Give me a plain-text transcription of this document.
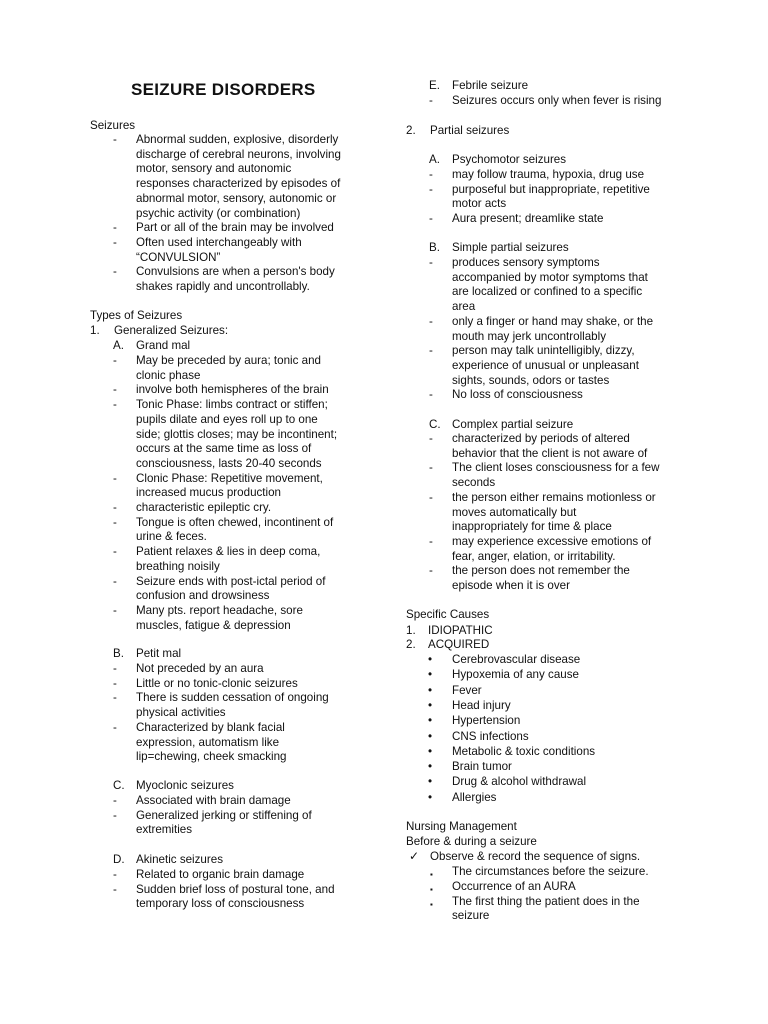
SEIZURE DISORDERS
Seizures
- Abnormal sudden, explosive, disorderly
discharge of cerebral neurons, involving
motor, sensory and autonomic
responses characterized by episodes of
abnormal motor, sensory, autonomic or
psychic activity (or combination)
- Part or all of the brain may be involved
- Often used interchangeably with
“CONVULSION”
- Convulsions are when a person's body
shakes rapidly and uncontrollably.
Types of Seizures
1. Generalized Seizures:
A. Grand mal
- May be preceded by aura; tonic and
clonic phase
- involve both hemispheres of the brain
- Tonic Phase: limbs contract or stiffen;
pupils dilate and eyes roll up to one
side; glottis closes; may be incontinent;
occurs at the same time as loss of
consciousness, lasts 20-40 seconds
- Clonic Phase: Repetitive movement,
increased mucus production
- characteristic epileptic cry.
- Tongue is often chewed, incontinent of
urine & feces.
- Patient relaxes & lies in deep coma,
breathing noisily
- Seizure ends with post-ictal period of
confusion and drowsiness
- Many pts. report headache, sore
muscles, fatigue & depression
B. Petit mal
- Not preceded by an aura
- Little or no tonic-clonic seizures
- There is sudden cessation of ongoing
physical activities
- Characterized by blank facial
expression, automatism like
lip=chewing, cheek smacking
C. Myoclonic seizures
- Associated with brain damage
- Generalized jerking or stiffening of
extremities
D. Akinetic seizures
- Related to organic brain damage
- Sudden brief loss of postural tone, and
temporary loss of consciousness
E. Febrile seizure
- Seizures occurs only when fever is rising
2. Partial seizures
A. Psychomotor seizures
- may follow trauma, hypoxia, drug use
- purposeful but inappropriate, repetitive
motor acts
- Aura present; dreamlike state
B. Simple partial seizures
- produces sensory symptoms
accompanied by motor symptoms that
are localized or confined to a specific
area
- only a finger or hand may shake, or the
mouth may jerk uncontrollably
- person may talk unintelligibly, dizzy,
experience of unusual or unpleasant
sights, sounds, odors or tastes
- No loss of consciousness
C. Complex partial seizure
- characterized by periods of altered
behavior that the client is not aware of
- The client loses consciousness for a few
seconds
- the person either remains motionless or
moves automatically but
inappropriately for time & place
- may experience excessive emotions of
fear, anger, elation, or irritability.
- the person does not remember the
episode when it is over
Specific Causes
1. IDIOPATHIC
2. ACQUIRED
• Cerebrovascular disease
• Hypoxemia of any cause
• Fever
• Head injury
• Hypertension
• CNS infections
• Metabolic & toxic conditions
• Brain tumor
• Drug & alcohol withdrawal
• Allergies
Nursing Management
Before & during a seizure
✓ Observe & record the sequence of signs.
▪ The circumstances before the seizure.
▪ Occurrence of an AURA
▪ The first thing the patient does in the
seizure
